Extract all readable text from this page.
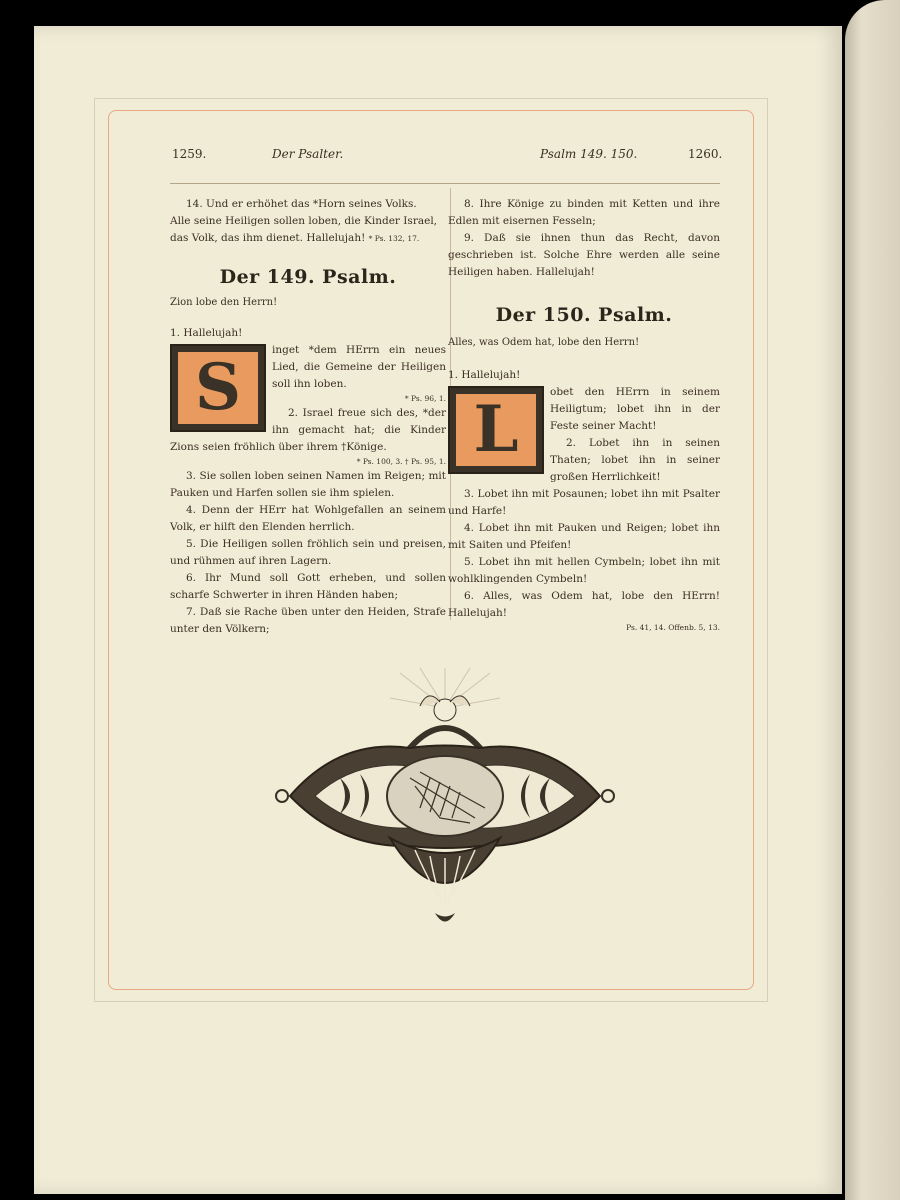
1259.	Der Psalter.	Psalm 149. 150.	1260.

14. Und er erhöhet das *Horn seines Volks.

Alle seine Heiligen sollen loben, die Kinder Israel,

das Volk, das ihm dienet. Hallelujah! * Ps. 132, 17.

Der 149. Psalm.

Zion lobe den Herrn!

1. Hallelujah!

S	inget *dem HErrn ein neues Lied, die Gemeine der Heiligen soll ihn loben.

* Ps. 96, 1.

2. Israel freue sich des, *der ihn gemacht hat; die Kinder Zions seien fröhlich über ihrem †Könige.

* Ps. 100, 3. † Ps. 95, 1.

3. Sie sollen loben seinen Namen im Reigen; mit Pauken und Harfen sollen sie ihm spielen.

4. Denn der HErr hat Wohlgefallen an seinem Volk, er hilft den Elenden herrlich.

5. Die Heiligen sollen fröhlich sein und preisen, und rühmen auf ihren Lagern.

6. Ihr Mund soll Gott erheben, und sollen scharfe Schwerter in ihren Händen haben;

7. Daß sie Rache üben unter den Heiden, Strafe unter den Völkern;

8. Ihre Könige zu binden mit Ketten und ihre Edlen mit eisernen Fesseln;

9. Daß sie ihnen thun das Recht, davon geschrieben ist. Solche Ehre werden alle seine Heiligen haben. Hallelujah!

Der 150. Psalm.

Alles, was Odem hat, lobe den Herrn!

1. Hallelujah!

L	obet den HErrn in seinem Heiligtum; lobet ihn in der Feste seiner Macht!

2. Lobet ihn in seinen Thaten; lobet ihn in seiner großen Herrlichkeit!

3. Lobet ihn mit Posaunen; lobet ihn mit Psalter und Harfe!

4. Lobet ihn mit Pauken und Reigen; lobet ihn mit Saiten und Pfeifen!

5. Lobet ihn mit hellen Cymbeln; lobet ihn mit wohlklingenden Cymbeln!

6. Alles, was Odem hat, lobe den HErrn! Hallelujah!

Ps. 41, 14. Offenb. 5, 13.
